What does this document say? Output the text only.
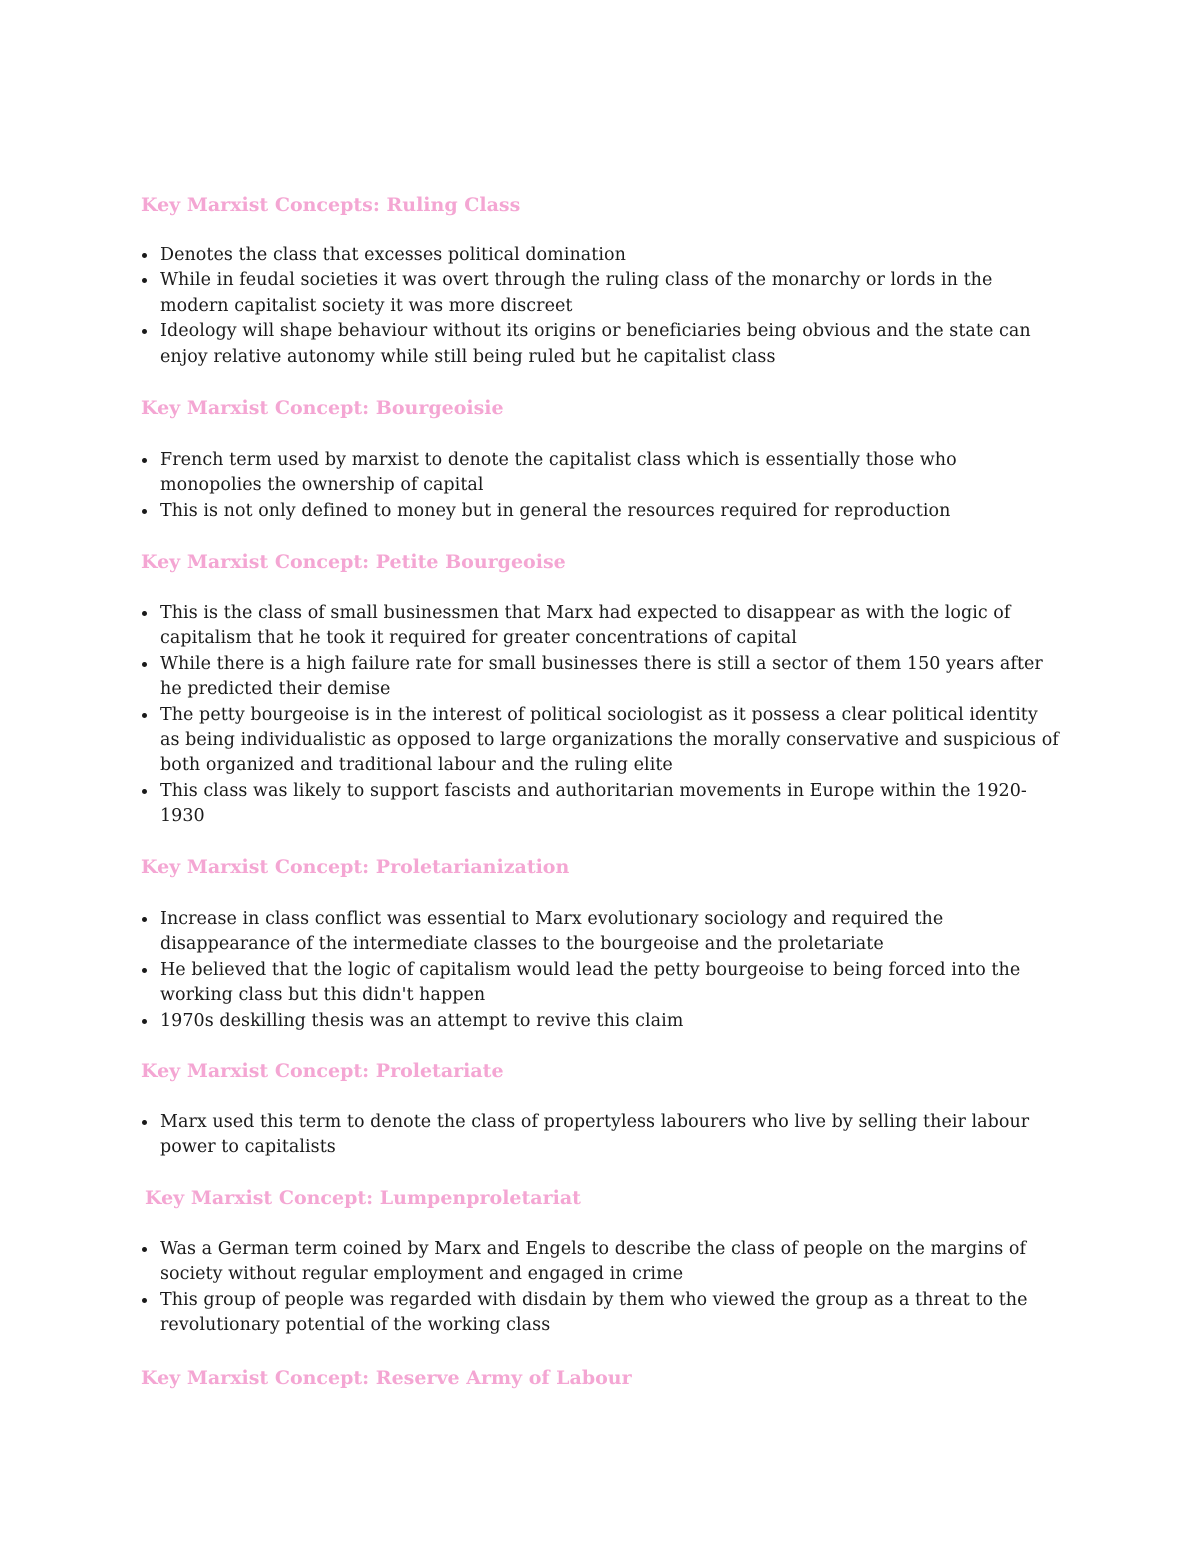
Key Marxist Concepts: Ruling Class
Denotes the class that excesses political domination
While in feudal societies it was overt through the ruling class of the monarchy or lords in the modern capitalist society it was more discreet
Ideology will shape behaviour without its origins or beneficiaries being obvious and the state can enjoy relative autonomy while still being ruled but he capitalist class
Key Marxist Concept: Bourgeoisie
French term used by marxist to denote the capitalist class which is essentially those who monopolies the ownership of capital
This is not only defined to money but in general the resources required for reproduction
Key Marxist Concept: Petite Bourgeoise
This is the class of small businessmen that Marx had expected to disappear as with the logic of capitalism that he took it required for greater concentrations of capital
While there is a high failure rate for small businesses there is still a sector of them 150 years after he predicted their demise
The petty bourgeoise is in the interest of political sociologist as it possess a clear political identity as being individualistic as opposed to large organizations the morally conservative and suspicious of both organized and traditional labour and the ruling elite
This class was likely to support fascists and authoritarian movements in Europe within the 1920-1930
Key Marxist Concept: Proletarianization
Increase in class conflict was essential to Marx evolutionary sociology and required the disappearance of the intermediate classes to the bourgeoise and the proletariate
He believed that the logic of capitalism would lead the petty bourgeoise to being forced into the working class but this didn't happen
1970s deskilling thesis was an attempt to revive this claim
Key Marxist Concept: Proletariate
Marx used this term to denote the class of propertyless labourers who live by selling their labour power to capitalists
Key Marxist Concept: Lumpenproletariat
Was a German term coined by Marx and Engels to describe the class of people on the margins of society without regular employment and engaged in crime
This group of people was regarded with disdain by them who viewed the group as a threat to the revolutionary potential of the working class
Key Marxist Concept: Reserve Army of Labour
